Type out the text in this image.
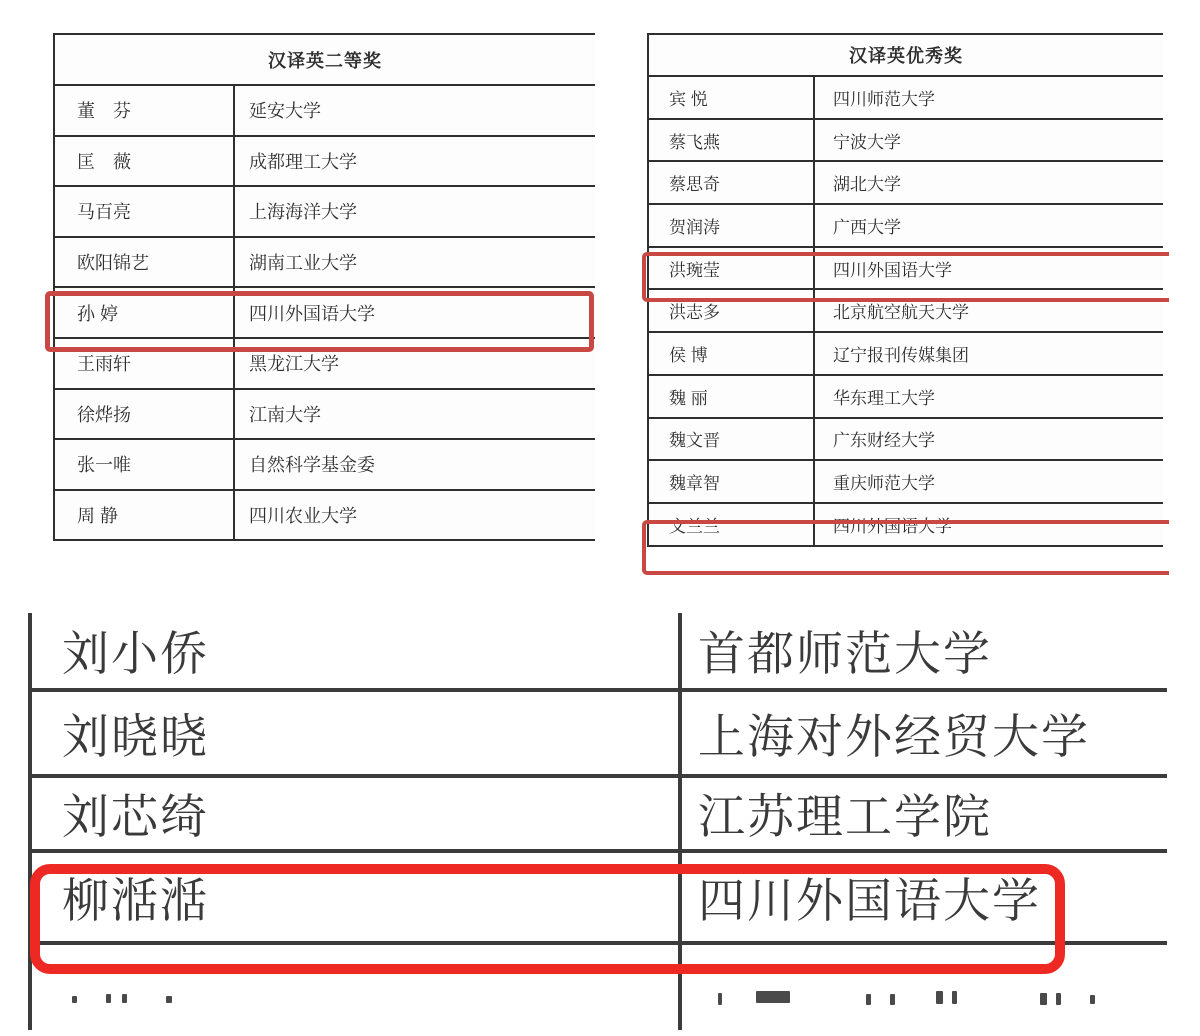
汉译英二等奖
董　芬	延安大学
匡　薇	成都理工大学
马百亮	上海海洋大学
欧阳锦艺	湖南工业大学
孙 婷	四川外国语大学
王雨轩	黑龙江大学
徐烨扬	江南大学
张一唯	自然科学基金委
周 静	四川农业大学
汉译英优秀奖
宾 悦	四川师范大学
蔡飞燕	宁波大学
蔡思奇	湖北大学
贺润涛	广西大学
洪琬莹	四川外国语大学
洪志多	北京航空航天大学
侯 博	辽宁报刊传媒集团
魏 丽	华东理工大学
魏文晋	广东财经大学
魏章智	重庆师范大学
文兰兰	四川外国语大学
刘小侨	首都师范大学
刘晓晓	上海对外经贸大学
刘芯绮	江苏理工学院
柳湉湉	四川外国语大学
